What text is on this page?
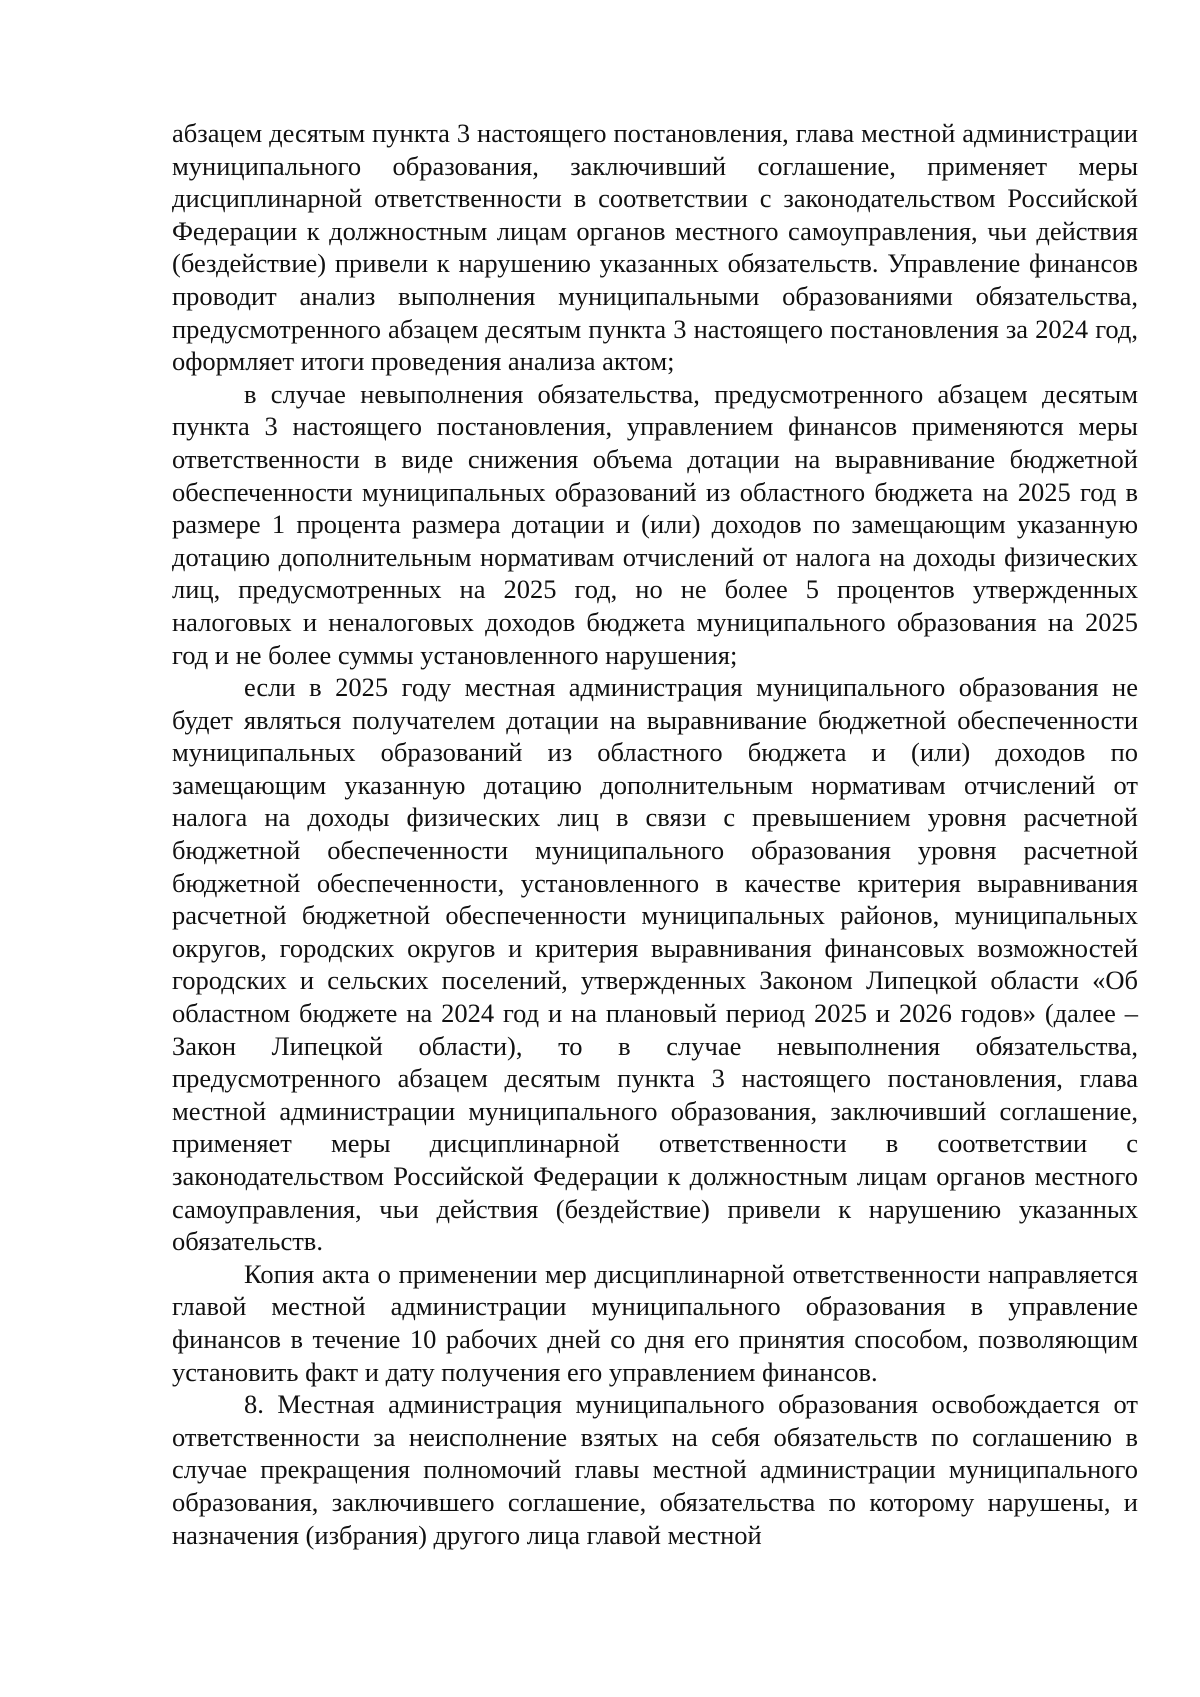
абзацем десятым пункта 3 настоящего постановления, глава местной администрации муниципального образования, заключивший соглашение, применяет меры дисциплинарной ответственности в соответствии с законодательством Российской Федерации к должностным лицам органов местного самоуправления, чьи действия (бездействие) привели к нарушению указанных обязательств. Управление финансов проводит анализ выполнения муниципальными образованиями обязательства, предусмотренного абзацем десятым пункта 3 настоящего постановления за 2024 год, оформляет итоги проведения анализа актом;

в случае невыполнения обязательства, предусмотренного абзацем десятым пункта 3 настоящего постановления, управлением финансов применяются меры ответственности в виде снижения объема дотации на выравнивание бюджетной обеспеченности муниципальных образований из областного бюджета на 2025 год в размере 1 процента размера дотации и (или) доходов по замещающим указанную дотацию дополнительным нормативам отчислений от налога на доходы физических лиц, предусмотренных на 2025 год, но не более 5 процентов утвержденных налоговых и неналоговых доходов бюджета муниципального образования на 2025 год и не более суммы установленного нарушения;

если в 2025 году местная администрация муниципального образования не будет являться получателем дотации на выравнивание бюджетной обеспеченности муниципальных образований из областного бюджета и (или) доходов по замещающим указанную дотацию дополнительным нормативам отчислений от налога на доходы физических лиц в связи с превышением уровня расчетной бюджетной обеспеченности муниципального образования уровня расчетной бюджетной обеспеченности, установленного в качестве критерия выравнивания расчетной бюджетной обеспеченности муниципальных районов, муниципальных округов, городских округов и критерия выравнивания финансовых возможностей городских и сельских поселений, утвержденных Законом Липецкой области «Об областном бюджете на 2024 год и на плановый период 2025 и 2026 годов» (далее – Закон Липецкой области), то в случае невыполнения обязательства, предусмотренного абзацем десятым пункта 3 настоящего постановления, глава местной администрации муниципального образования, заключивший соглашение, применяет меры дисциплинарной ответственности в соответствии с законодательством Российской Федерации к должностным лицам органов местного самоуправления, чьи действия (бездействие) привели к нарушению указанных обязательств.

Копия акта о применении мер дисциплинарной ответственности направляется главой местной администрации муниципального образования в управление финансов в течение 10 рабочих дней со дня его принятия способом, позволяющим установить факт и дату получения его управлением финансов.

8. Местная администрация муниципального образования освобождается от ответственности за неисполнение взятых на себя обязательств по соглашению в случае прекращения полномочий главы местной администрации муниципального образования, заключившего соглашение, обязательства по которому нарушены, и назначения (избрания) другого лица главой местной
